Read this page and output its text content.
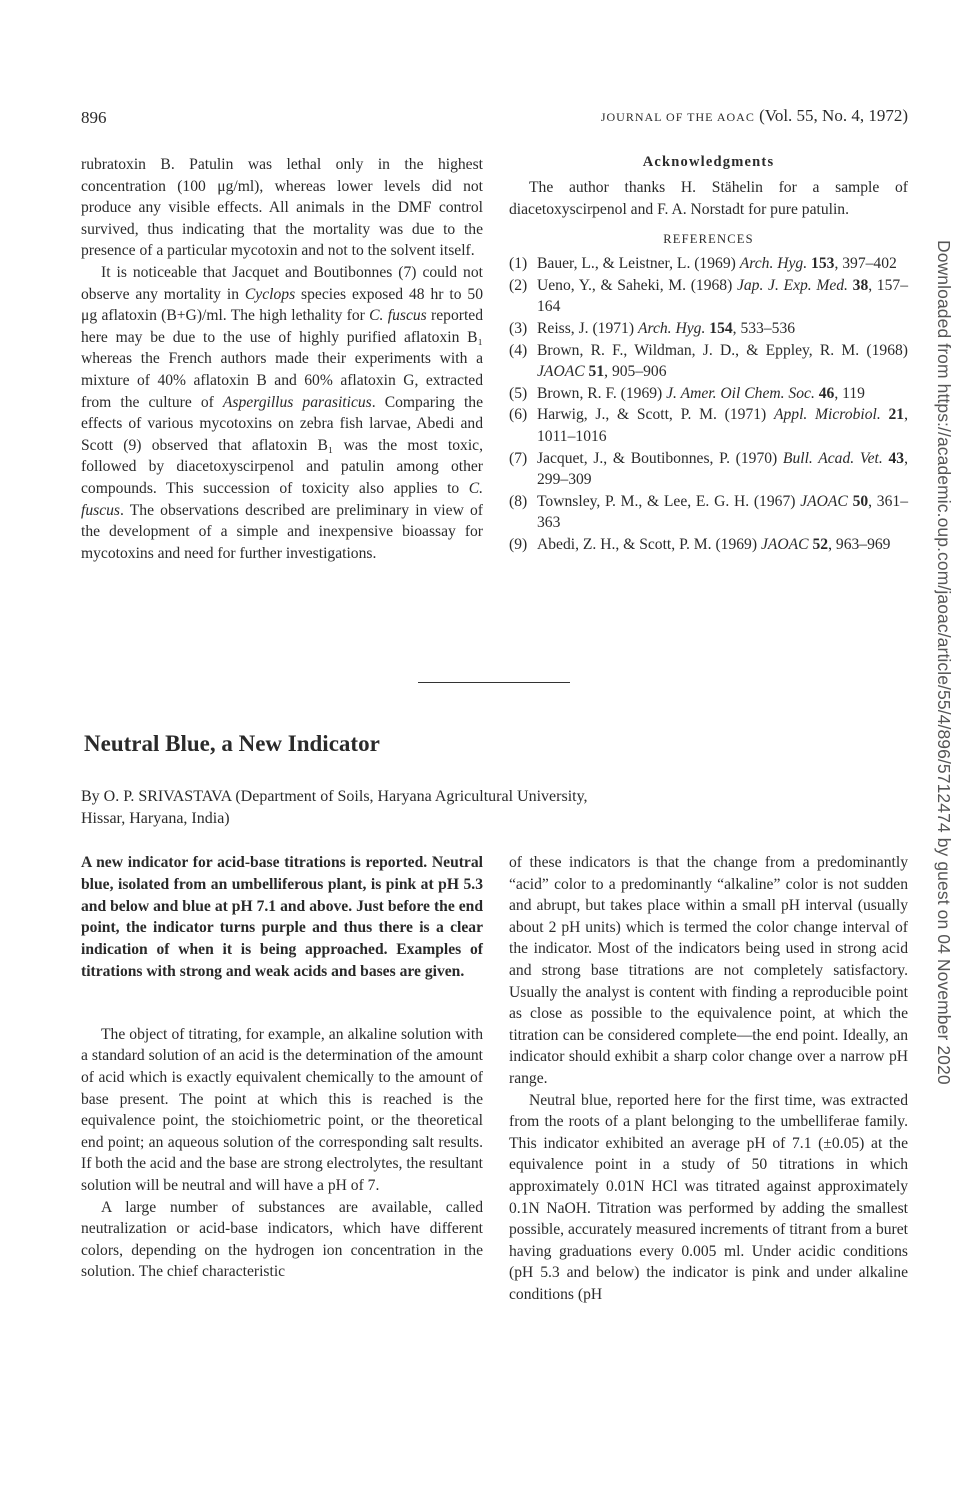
896	JOURNAL OF THE AOAC (Vol. 55, No. 4, 1972)

rubratoxin B. Patulin was lethal only in the highest concentration (100 μg/ml), whereas lower levels did not produce any visible effects. All animals in the DMF control survived, thus indicating that the mortality was due to the presence of a particular mycotoxin and not to the solvent itself.

It is noticeable that Jacquet and Boutibonnes (7) could not observe any mortality in Cyclops species exposed 48 hr to 50 μg aflatoxin (B+G)/ml. The high lethality for C. fuscus reported here may be due to the use of highly purified aflatoxin B₁ whereas the French authors made their experiments with a mixture of 40% aflatoxin B and 60% aflatoxin G, extracted from the culture of Aspergillus parasiticus. Comparing the effects of various mycotoxins on zebra fish larvae, Abedi and Scott (9) observed that aflatoxin B₁ was the most toxic, followed by diacetoxyscirpenol and patulin among other compounds. This succession of toxicity also applies to C. fuscus. The observations described are preliminary in view of the development of a simple and inexpensive bioassay for mycotoxins and need for further investigations.

Acknowledgments

The author thanks H. Stähelin for a sample of diacetoxyscirpenol and F. A. Norstadt for pure patulin.

REFERENCES
(1) Bauer, L., & Leistner, L. (1969) Arch. Hyg. 153, 397–402
(2) Ueno, Y., & Saheki, M. (1968) Jap. J. Exp. Med. 38, 157–164
(3) Reiss, J. (1971) Arch. Hyg. 154, 533–536
(4) Brown, R. F., Wildman, J. D., & Eppley, R. M. (1968) JAOAC 51, 905–906
(5) Brown, R. F. (1969) J. Amer. Oil Chem. Soc. 46, 119
(6) Harwig, J., & Scott, P. M. (1971) Appl. Microbiol. 21, 1011–1016
(7) Jacquet, J., & Boutibonnes, P. (1970) Bull. Acad. Vet. 43, 299–309
(8) Townsley, P. M., & Lee, E. G. H. (1967) JAOAC 50, 361–363
(9) Abedi, Z. H., & Scott, P. M. (1969) JAOAC 52, 963–969
Neutral Blue, a New Indicator
By O. P. SRIVASTAVA (Department of Soils, Haryana Agricultural University,
Hissar, Haryana, India)

A new indicator for acid-base titrations is reported. Neutral blue, isolated from an umbelliferous plant, is pink at pH 5.3 and below and blue at pH 7.1 and above. Just before the end point, the indicator turns purple and thus there is a clear indication of when it is being approached. Examples of titrations with strong and weak acids and bases are given.

The object of titrating, for example, an alkaline solution with a standard solution of an acid is the determination of the amount of acid which is exactly equivalent chemically to the amount of base present. The point at which this is reached is the equivalence point, the stoichiometric point, or the theoretical end point; an aqueous solution of the corresponding salt results. If both the acid and the base are strong electrolytes, the resultant solution will be neutral and will have a pH of 7.

A large number of substances are available, called neutralization or acid-base indicators, which have different colors, depending on the hydrogen ion concentration in the solution. The chief characteristic

of these indicators is that the change from a predominantly “acid” color to a predominantly “alkaline” color is not sudden and abrupt, but takes place within a small pH interval (usually about 2 pH units) which is termed the color change interval of the indicator. Most of the indicators being used in strong acid and strong base titrations are not completely satisfactory. Usually the analyst is content with finding a reproducible point as close as possible to the equivalence point, at which the titration can be considered complete—the end point. Ideally, an indicator should exhibit a sharp color change over a narrow pH range.

Neutral blue, reported here for the first time, was extracted from the roots of a plant belonging to the umbelliferae family. This indicator exhibited an average pH of 7.1 (±0.05) at the equivalence point in a study of 50 titrations in which approximately 0.01N HCl was titrated against approximately 0.1N NaOH. Titration was performed by adding the smallest possible, accurately measured increments of titrant from a buret having graduations every 0.005 ml. Under acidic conditions (pH 5.3 and below) the indicator is pink and under alkaline conditions (pH

Downloaded from https://academic.oup.com/jaoac/article/55/4/896/5712474 by guest on 04 November 2020
